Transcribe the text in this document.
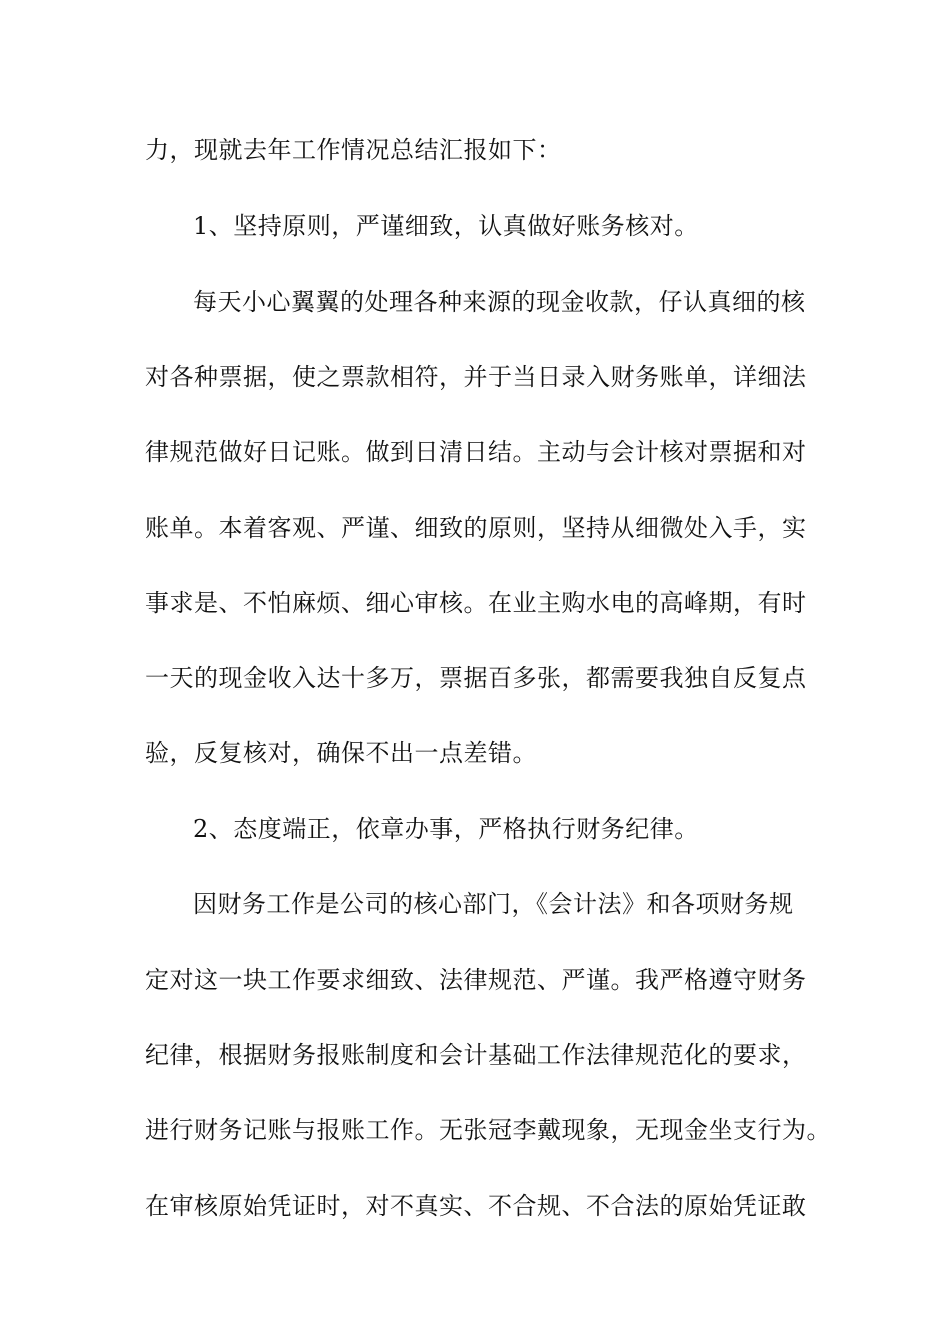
力，现就去年工作情况总结汇报如下：
1、坚持原则，严谨细致，认真做好账务核对。
每天小心翼翼的处理各种来源的现金收款，仔认真细的核
对各种票据，使之票款相符，并于当日录入财务账单，详细法
律规范做好日记账。做到日清日结。主动与会计核对票据和对
账单。本着客观、严谨、细致的原则，坚持从细微处入手，实
事求是、不怕麻烦、细心审核。在业主购水电的高峰期，有时
一天的现金收入达十多万，票据百多张，都需要我独自反复点
验，反复核对，确保不出一点差错。
2、态度端正，依章办事，严格执行财务纪律。
因财务工作是公司的核心部门，《会计法》和各项财务规
定对这一块工作要求细致、法律规范、严谨。我严格遵守财务
纪律，根据财务报账制度和会计基础工作法律规范化的要求，
进行财务记账与报账工作。无张冠李戴现象，无现金坐支行为。
在审核原始凭证时，对不真实、不合规、不合法的原始凭证敢
